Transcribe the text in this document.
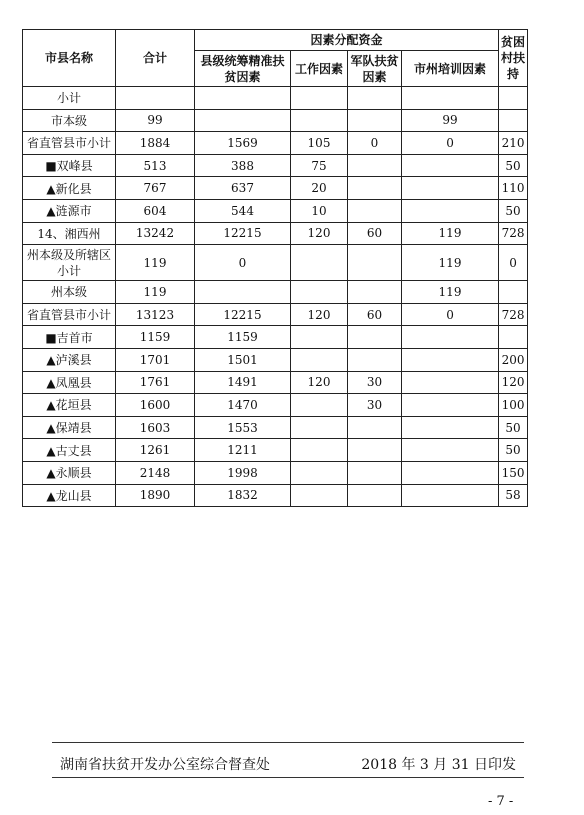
市县名称	合计	因素分配资金				贫困村扶持
		县级统筹精准扶贫因素	工作因素	军队扶贫因素	市州培训因素	
小计						
市本级	99				99	
省直管县市小计	1884	1569	105	0	0	210
■双峰县	513	388	75			50
▲新化县	767	637	20			110
▲涟源市	604	544	10			50
14、湘西州	13242	12215	120	60	119	728
州本级及所辖区小计	119	0			119	0
州本级	119				119	
省直管县市小计	13123	12215	120	60	0	728
■吉首市	1159	1159				
▲泸溪县	1701	1501				200
▲凤凰县	1761	1491	120	30		120
▲花垣县	1600	1470		30		100
▲保靖县	1603	1553				50
▲古丈县	1261	1211				50
▲永顺县	2148	1998				150
▲龙山县	1890	1832				58
湖南省扶贫开发办公室综合督查处	2018 年 3 月 31 日印发
- 7 -
